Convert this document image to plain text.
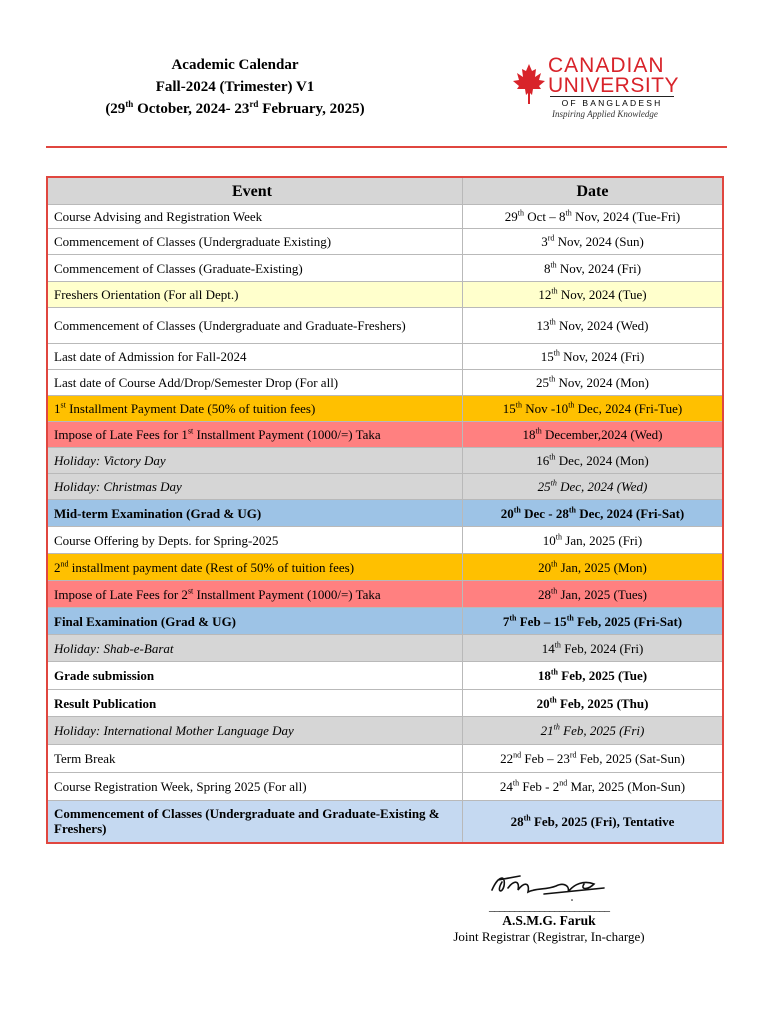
Academic Calendar
Fall-2024 (Trimester) V1
(29th October, 2024- 23rd February, 2025)
CANADIAN
UNIVERSITY
OF BANGLADESH
Inspiring Applied Knowledge
Event	Date
Course Advising and Registration Week	29th Oct – 8th Nov, 2024 (Tue-Fri)
Commencement of Classes (Undergraduate Existing)	3rd Nov, 2024 (Sun)
Commencement of Classes (Graduate-Existing)	8th Nov, 2024 (Fri)
Freshers Orientation (For all Dept.)	12th Nov, 2024 (Tue)
Commencement of Classes (Undergraduate and Graduate-Freshers)	13th Nov, 2024 (Wed)
Last date of Admission for Fall-2024	15th Nov, 2024 (Fri)
Last date of Course Add/Drop/Semester Drop (For all)	25th Nov, 2024 (Mon)
1st Installment Payment Date (50% of tuition fees)	15th Nov -10th Dec, 2024 (Fri-Tue)
Impose of Late Fees for 1st Installment Payment (1000/=) Taka	18th December,2024 (Wed)
Holiday: Victory Day	16th Dec, 2024 (Mon)
Holiday: Christmas Day	25th Dec, 2024 (Wed)
Mid-term Examination (Grad & UG)	20th Dec - 28th Dec, 2024 (Fri-Sat)
Course Offering by Depts. for Spring-2025	10th Jan, 2025 (Fri)
2nd installment payment date (Rest of 50% of tuition fees)	20th Jan, 2025 (Mon)
Impose of Late Fees for 2st Installment Payment (1000/=) Taka	28th Jan, 2025 (Tues)
Final Examination (Grad & UG)	7th Feb – 15th Feb, 2025 (Fri-Sat)
Holiday: Shab-e-Barat	14th Feb, 2024 (Fri)
Grade submission	18th Feb, 2025 (Tue)
Result Publication	20th Feb, 2025 (Thu)
Holiday: International Mother Language Day	21th Feb, 2025 (Fri)
Term Break	22nd Feb – 23rd Feb, 2025 (Sat-Sun)
Course Registration Week, Spring 2025 (For all)	24th Feb - 2nd Mar, 2025 (Mon-Sun)
Commencement of Classes (Undergraduate and Graduate-Existing & Freshers)	28th Feb, 2025 (Fri), Tentative
________________________
A.S.M.G. Faruk
Joint Registrar (Registrar, In-charge)
